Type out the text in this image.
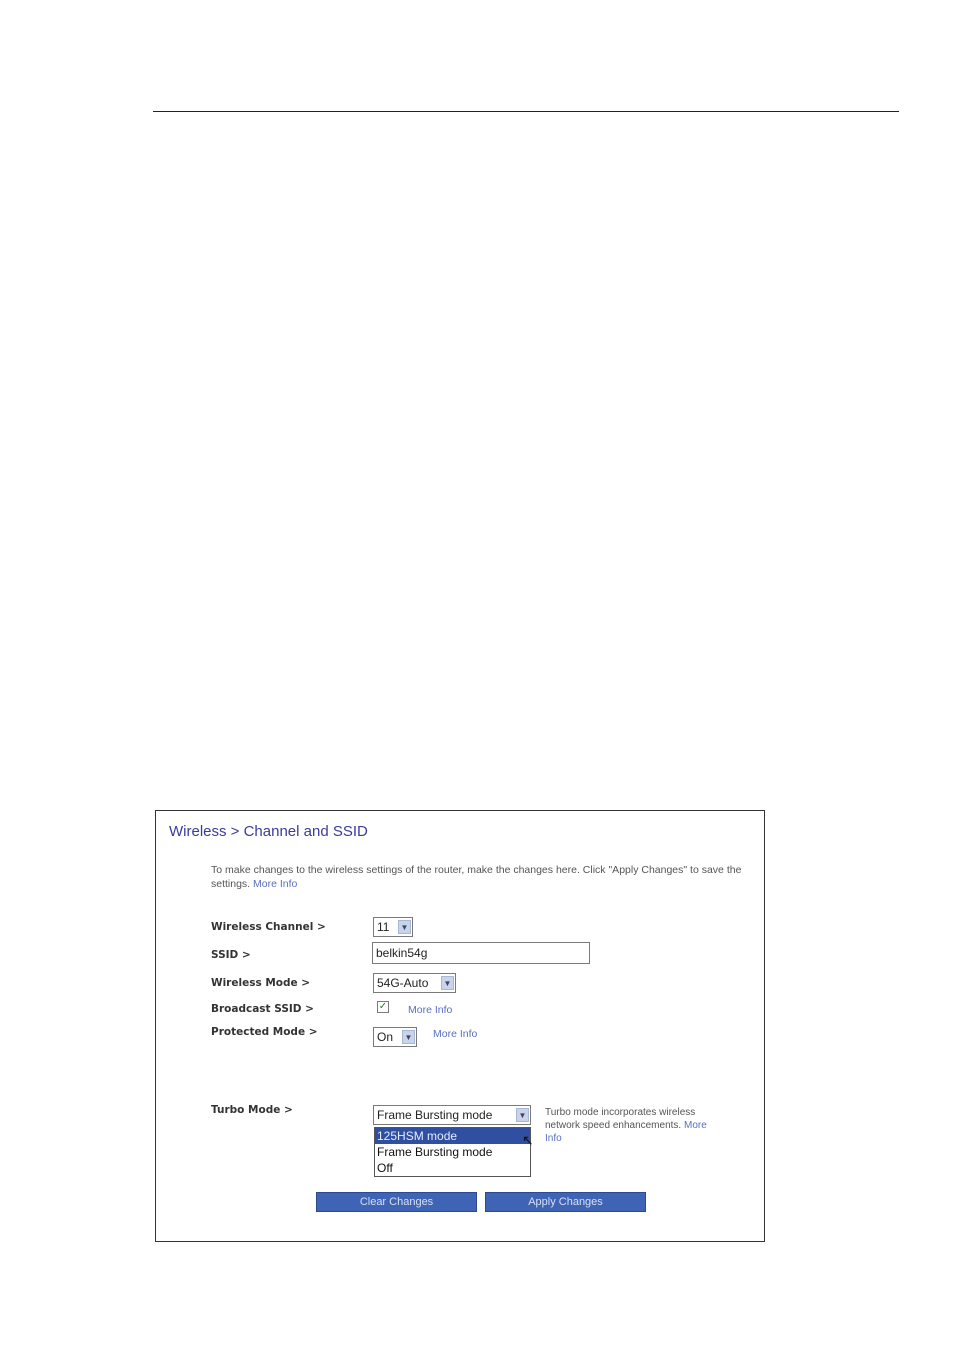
Wireless > Channel and SSID
To make changes to the wireless settings of the router, make the changes here. Click "Apply Changes" to save the settings. More Info
Wireless Channel >	11	▼
SSID >	belkin54g
Wireless Mode >	54G-Auto	▼
Broadcast SSID >	✓ More Info
Protected Mode >	On	▼ More Info
Turbo Mode >	Frame Bursting mode	▼
125HSM mode
Frame Bursting mode
Off
↖
Turbo mode incorporates wireless network speed enhancements. More Info
Clear Changes	Apply Changes
